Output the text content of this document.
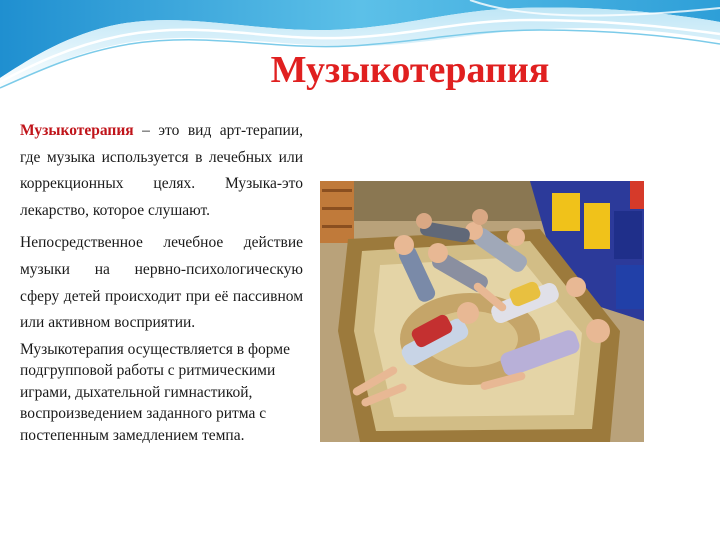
Музыкотерапия

Музыкотерапия – это вид арт-терапии, где музыка используется в лечебных или коррекционных целях. Музыка-это лекарство, которое слушают.

Непосредственное лечебное действие музыки на нервно-психологическую сферу детей происходит при её пассивном или активном восприятии.

Музыкотерапия осуществляется в форме подгрупповой работы с ритмическими играми, дыхательной гимнастикой, воспроизведением заданного ритма с постепенным замедлением темпа.
